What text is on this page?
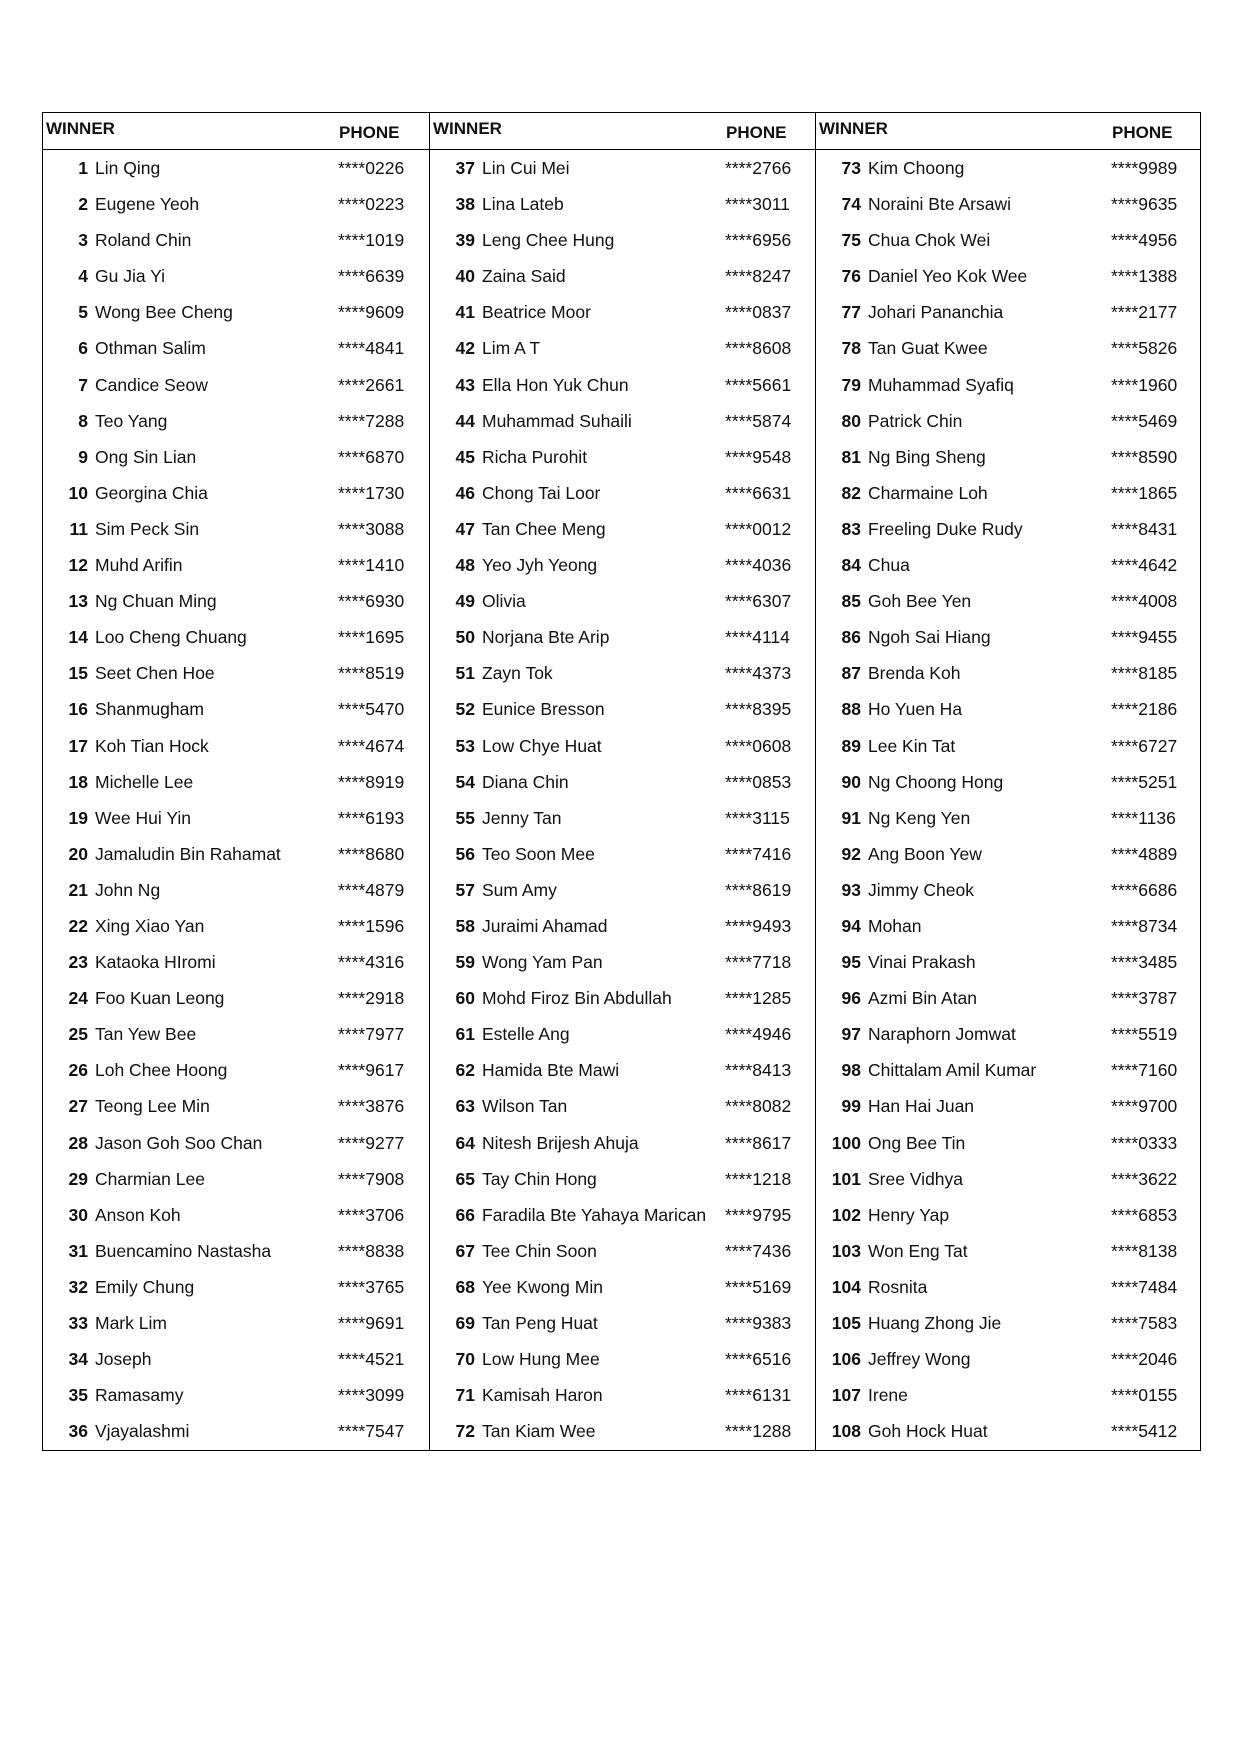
WINNER	PHONE
1 Lin Qing	****0226
2 Eugene Yeoh	****0223
3 Roland Chin	****1019
4 Gu Jia Yi	****6639
5 Wong Bee Cheng	****9609
6 Othman Salim	****4841
7 Candice Seow	****2661
8 Teo Yang	****7288
9 Ong Sin Lian	****6870
10 Georgina Chia	****1730
11 Sim Peck Sin	****3088
12 Muhd Arifin	****1410
13 Ng Chuan Ming	****6930
14 Loo Cheng Chuang	****1695
15 Seet Chen Hoe	****8519
16 Shanmugham	****5470
17 Koh Tian Hock	****4674
18 Michelle Lee	****8919
19 Wee Hui Yin	****6193
20 Jamaludin Bin Rahamat	****8680
21 John Ng	****4879
22 Xing Xiao Yan	****1596
23 Kataoka HIromi	****4316
24 Foo Kuan Leong	****2918
25 Tan Yew Bee	****7977
26 Loh Chee Hoong	****9617
27 Teong Lee Min	****3876
28 Jason Goh Soo Chan	****9277
29 Charmian Lee	****7908
30 Anson Koh	****3706
31 Buencamino Nastasha	****8838
32 Emily Chung	****3765
33 Mark Lim	****9691
34 Joseph	****4521
35 Ramasamy	****3099
36 Vjayalashmi	****7547
WINNER	PHONE
37 Lin Cui Mei	****2766
38 Lina Lateb	****3011
39 Leng Chee Hung	****6956
40 Zaina Said	****8247
41 Beatrice Moor	****0837
42 Lim A T	****8608
43 Ella Hon Yuk Chun	****5661
44 Muhammad Suhaili	****5874
45 Richa Purohit	****9548
46 Chong Tai Loor	****6631
47 Tan Chee Meng	****0012
48 Yeo Jyh Yeong	****4036
49 Olivia	****6307
50 Norjana Bte Arip	****4114
51 Zayn Tok	****4373
52 Eunice Bresson	****8395
53 Low Chye Huat	****0608
54 Diana Chin	****0853
55 Jenny Tan	****3115
56 Teo Soon Mee	****7416
57 Sum Amy	****8619
58 Juraimi Ahamad	****9493
59 Wong Yam Pan	****7718
60 Mohd Firoz Bin Abdullah	****1285
61 Estelle Ang	****4946
62 Hamida Bte Mawi	****8413
63 Wilson Tan	****8082
64 Nitesh Brijesh Ahuja	****8617
65 Tay Chin Hong	****1218
66 Faradila Bte Yahaya Marican ****9795
67 Tee Chin Soon	****7436
68 Yee Kwong Min	****5169
69 Tan Peng Huat	****9383
70 Low Hung Mee	****6516
71 Kamisah Haron	****6131
72 Tan Kiam Wee	****1288
WINNER	PHONE
73 Kim Choong	****9989
74 Noraini Bte Arsawi	****9635
75 Chua Chok Wei	****4956
76 Daniel Yeo Kok Wee	****1388
77 Johari Pananchia	****2177
78 Tan Guat Kwee	****5826
79 Muhammad Syafiq	****1960
80 Patrick Chin	****5469
81 Ng Bing Sheng	****8590
82 Charmaine Loh	****1865
83 Freeling Duke Rudy	****8431
84 Chua	****4642
85 Goh Bee Yen	****4008
86 Ngoh Sai Hiang	****9455
87 Brenda Koh	****8185
88 Ho Yuen Ha	****2186
89 Lee Kin Tat	****6727
90 Ng Choong Hong	****5251
91 Ng Keng Yen	****1136
92 Ang Boon Yew	****4889
93 Jimmy Cheok	****6686
94 Mohan	****8734
95 Vinai Prakash	****3485
96 Azmi Bin Atan	****3787
97 Naraphorn Jomwat	****5519
98 Chittalam Amil Kumar	****7160
99 Han Hai Juan	****9700
100 Ong Bee Tin	****0333
101 Sree Vidhya	****3622
102 Henry Yap	****6853
103 Won Eng Tat	****8138
104 Rosnita	****7484
105 Huang Zhong Jie	****7583
106 Jeffrey Wong	****2046
107 Irene	****0155
108 Goh Hock Huat	****5412
